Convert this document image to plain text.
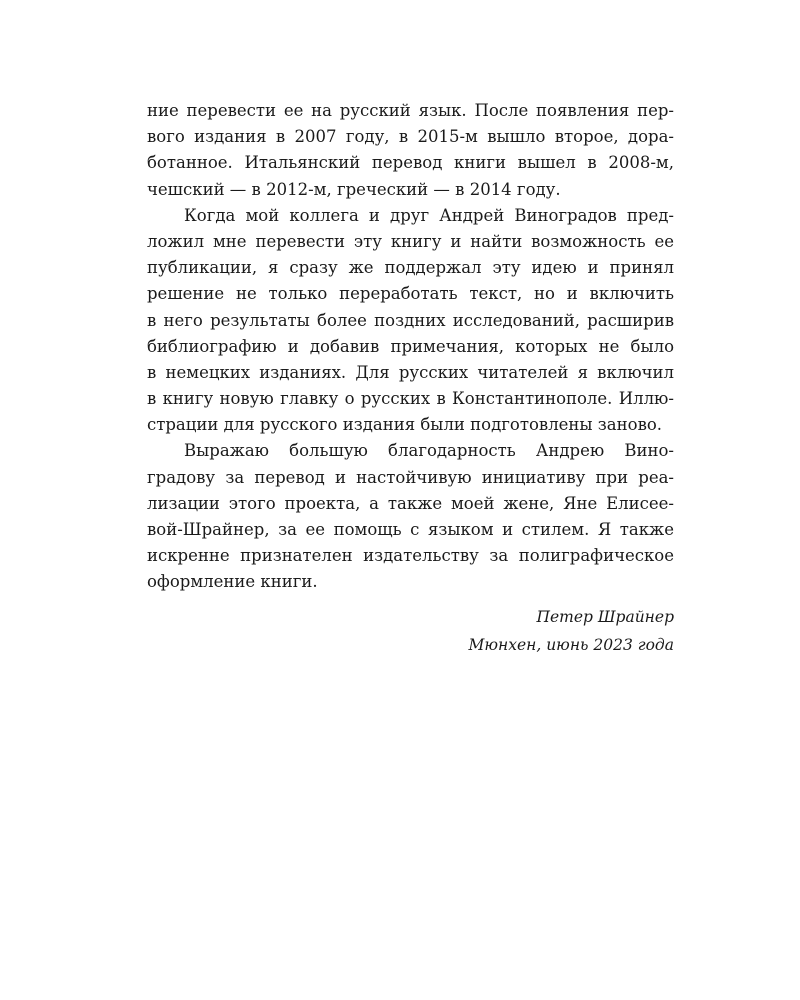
ние перевести ее на русский язык. После появления пер-
вого издания в 2007 году, в 2015-м вышло второе, дора-
ботанное. Итальянский перевод книги вышел в 2008-м,
чешский — в 2012-м, греческий — в 2014 году.
Когда мой коллега и друг Андрей Виноградов пред-
ложил мне перевести эту книгу и найти возможность ее
публикации, я сразу же поддержал эту идею и принял
решение не только переработать текст, но и включить
в него результаты более поздних исследований, расширив
библиографию и добавив примечания, которых не было
в немецких изданиях. Для русских читателей я включил
в книгу новую главку о русских в Константинополе. Иллю-
страции для русского издания были подготовлены заново.
Выражаю большую благодарность Андрею Вино-
градову за перевод и настойчивую инициативу при реа-
лизации этого проекта, а также моей жене, Яне Елисее-
вой-Шрайнер, за ее помощь с языком и стилем. Я также
искренне признателен издательству за полиграфическое
оформление книги.
Петер Шрайнер
Мюнхен, июнь 2023 года
